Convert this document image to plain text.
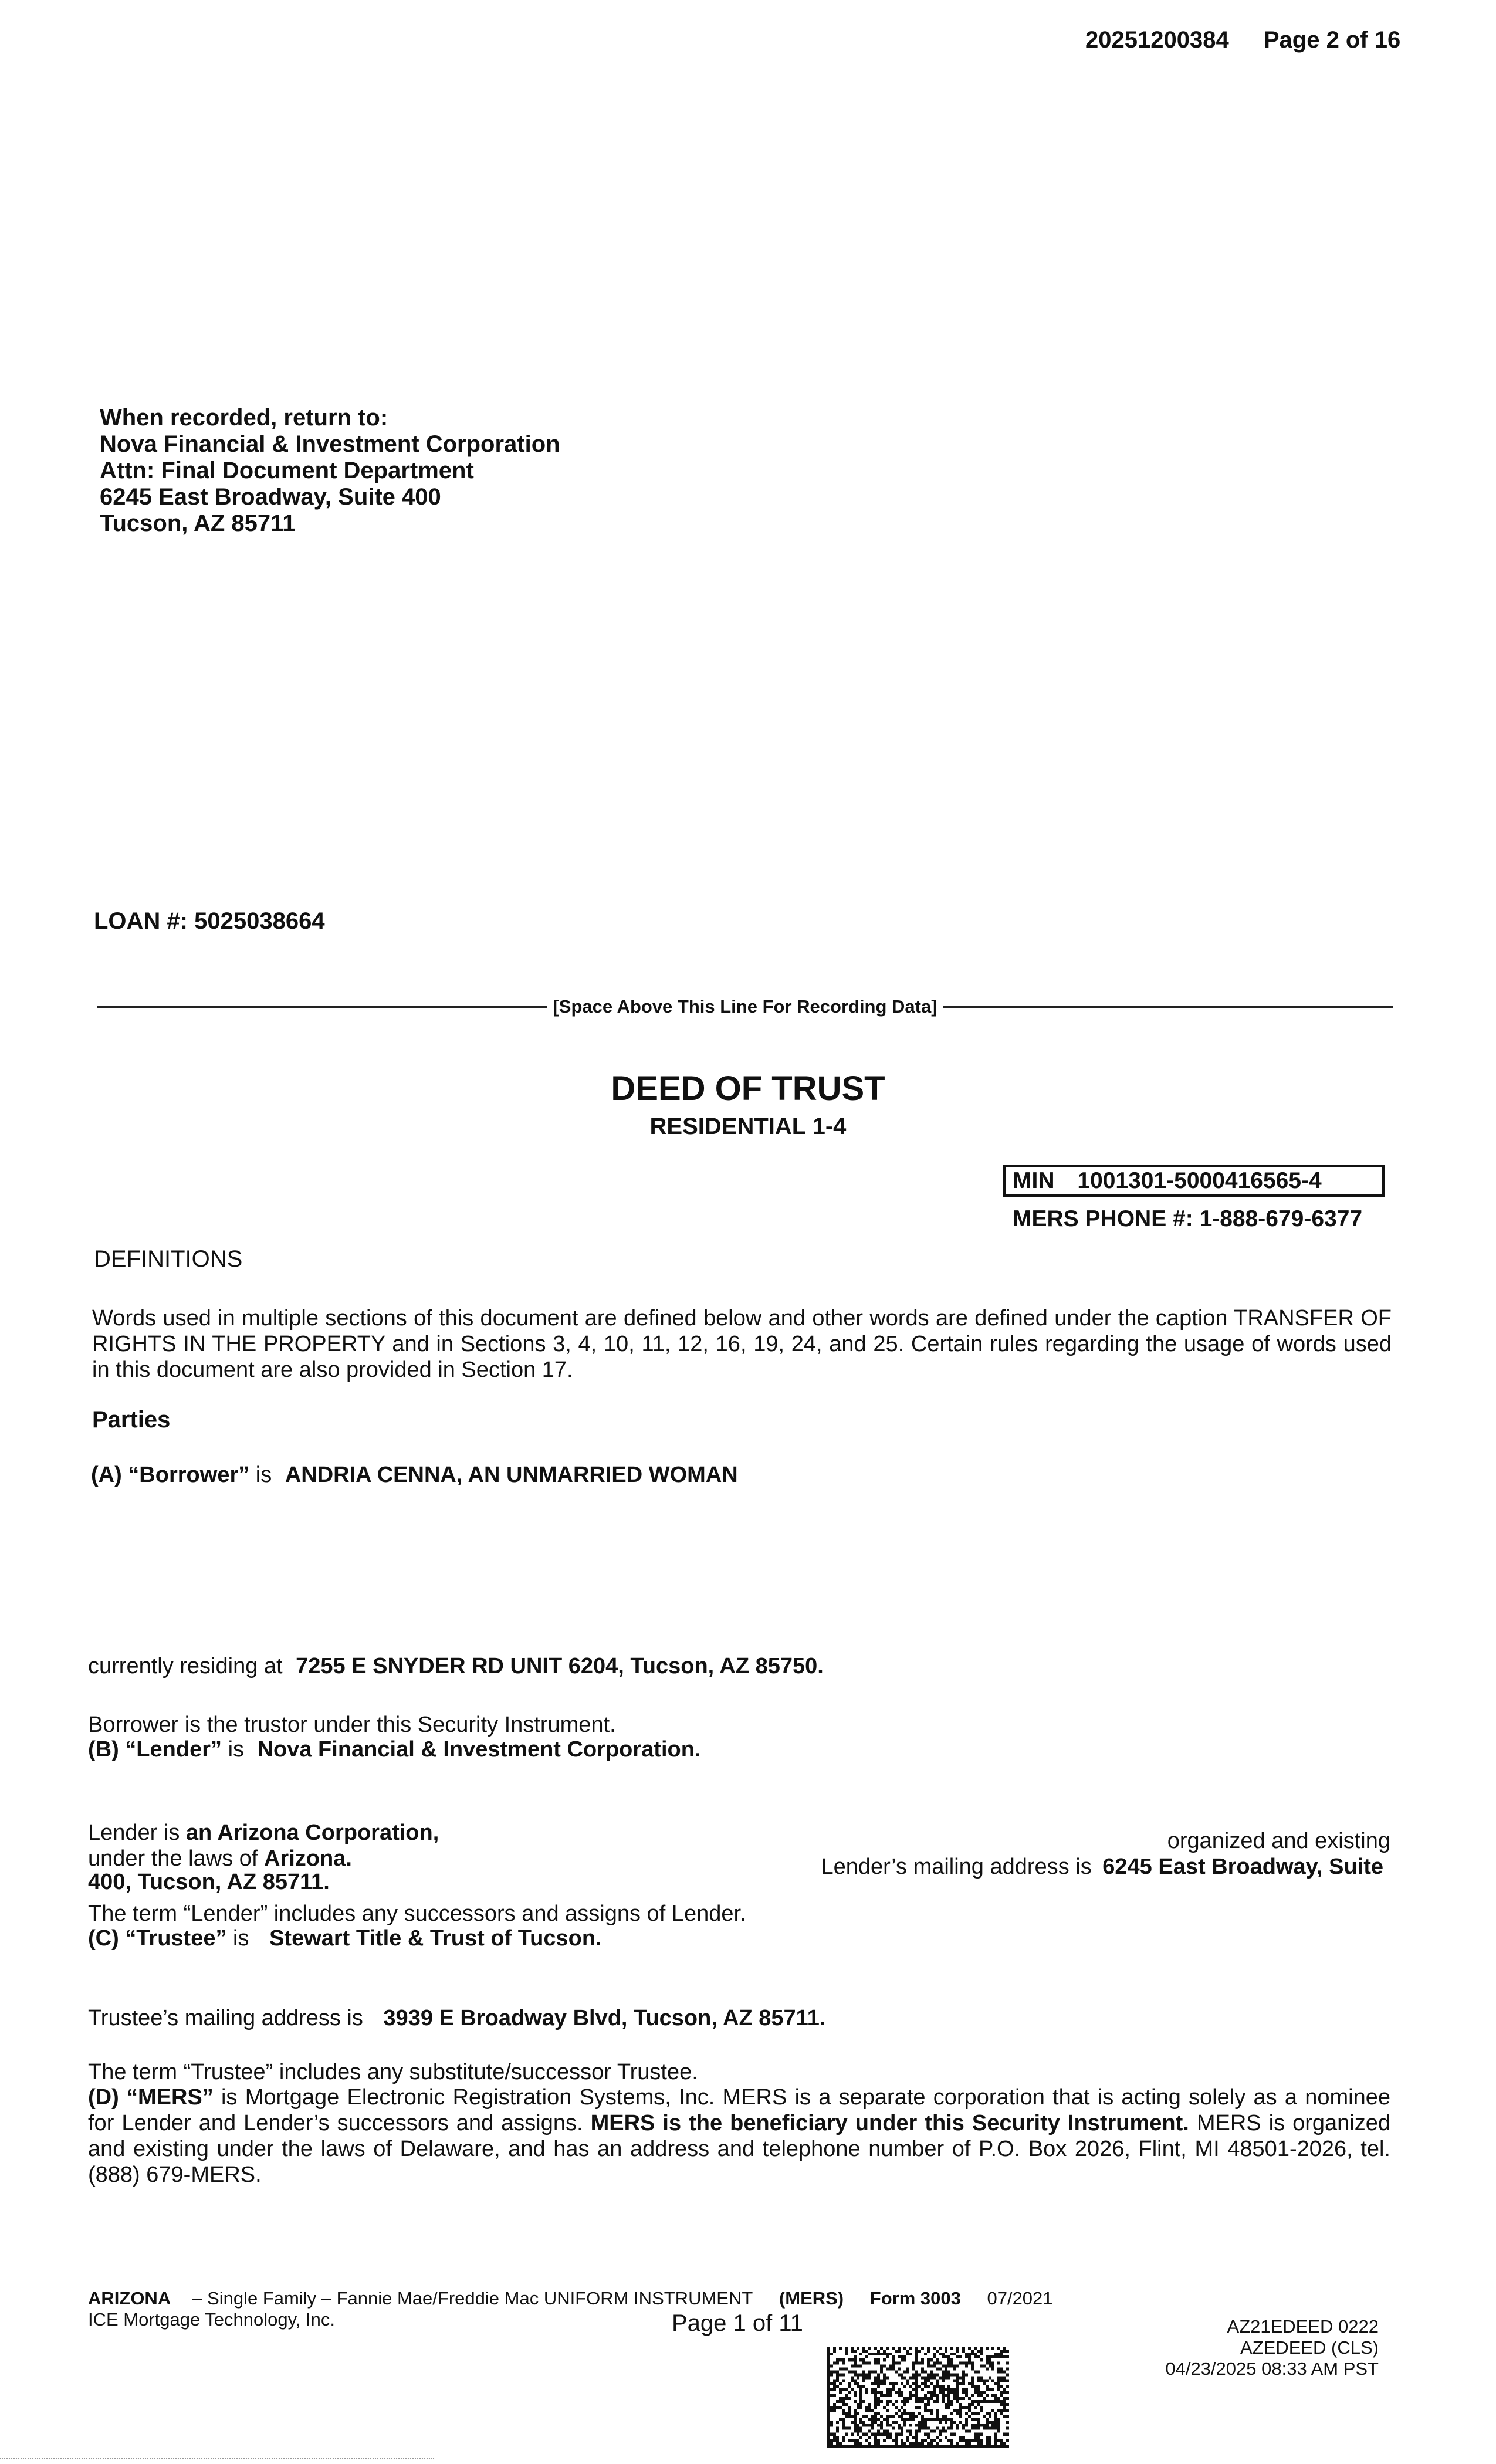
20251200384 Page 2 of 16
When recorded, return to:
Nova Financial & Investment Corporation
Attn: Final Document Department
6245 East Broadway, Suite 400
Tucson, AZ 85711
LOAN #: 5025038664
[Space Above This Line For Recording Data]
DEED OF TRUST
RESIDENTIAL 1-4
MIN 1001301-5000416565-4
MERS PHONE #: 1-888-679-6377
DEFINITIONS
Words used in multiple sections of this document are defined below and other words are defined under the caption TRANSFER OF RIGHTS IN THE PROPERTY and in Sections 3, 4, 10, 11, 12, 16, 19, 24, and 25. Certain rules regarding the usage of words used in this document are also provided in Section 17.
Parties
(A) “Borrower” is ANDRIA CENNA, AN UNMARRIED WOMAN
currently residing at 7255 E SNYDER RD UNIT 6204, Tucson, AZ 85750.
Borrower is the trustor under this Security Instrument.
(B) “Lender” is Nova Financial & Investment Corporation.
Lender is an Arizona Corporation,	organized and existing
under the laws of Arizona.	Lender’s mailing address is 6245 East Broadway, Suite
400, Tucson, AZ 85711.
The term “Lender” includes any successors and assigns of Lender.
(C) “Trustee” is Stewart Title & Trust of Tucson.
Trustee’s mailing address is 3939 E Broadway Blvd, Tucson, AZ 85711.
The term “Trustee” includes any substitute/successor Trustee.
(D) “MERS” is Mortgage Electronic Registration Systems, Inc. MERS is a separate corporation that is acting solely as a nominee for Lender and Lender’s successors and assigns. MERS is the beneficiary under this Security Instrument. MERS is organized and existing under the laws of Delaware, and has an address and telephone number of P.O. Box 2026, Flint, MI 48501-2026, tel. (888) 679-MERS.
ARIZONA – Single Family – Fannie Mae/Freddie Mac UNIFORM INSTRUMENT (MERS) Form 3003 07/2021
ICE Mortgage Technology, Inc.	Page 1 of 11	AZ21EDEED 0222
AZEDEED (CLS)
04/23/2025 08:33 AM PST
